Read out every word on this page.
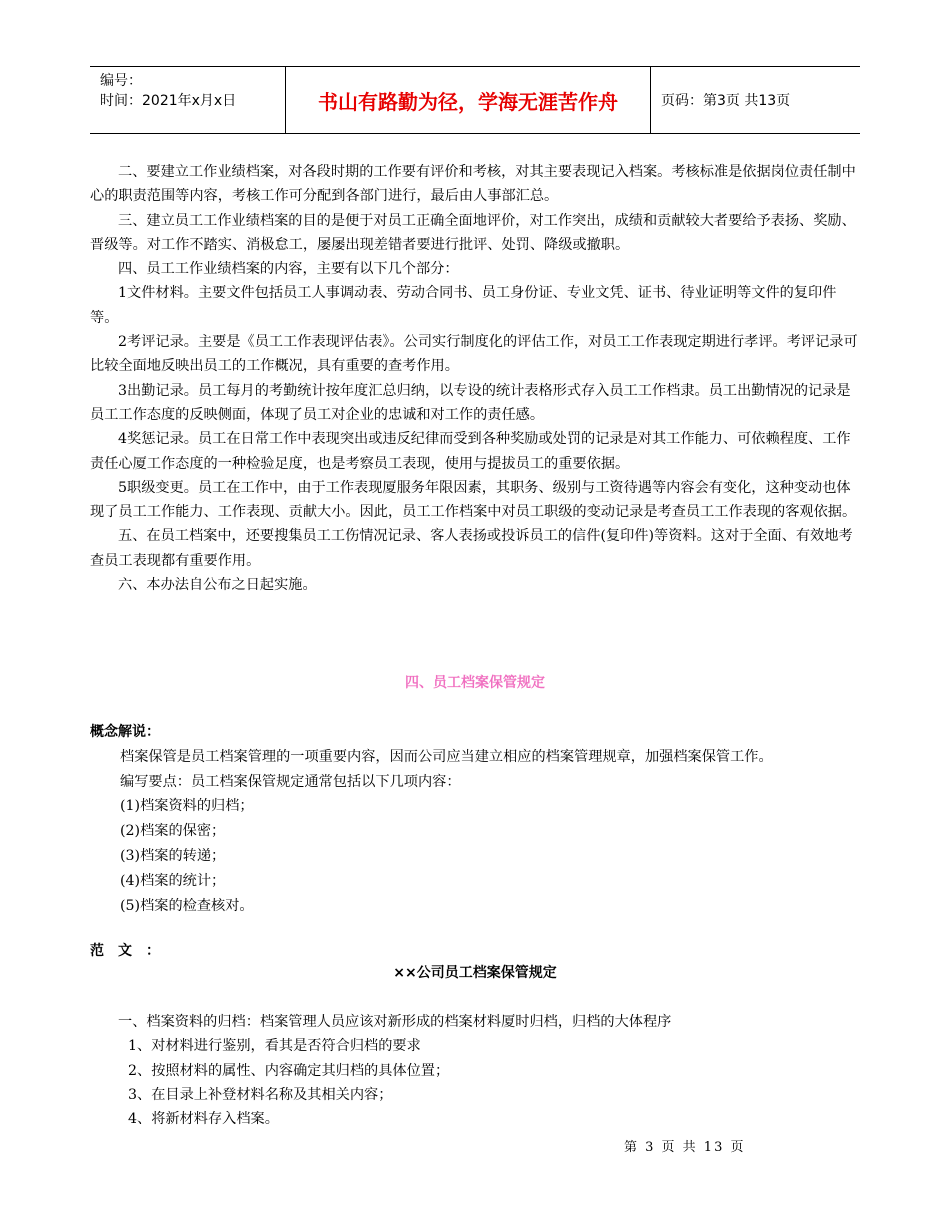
编号：
时间：2021年x月x日	书山有路勤为径，学海无涯苦作舟	页码：第3页 共13页

二、要建立工作业绩档案，对各段时期的工作要有评价和考核，对其主要表现记入档案。考核标准是依据岗位责任制中心的职责范围等内容，考核工作可分配到各部门进行，最后由人事部汇总。

三、建立员工工作业绩档案的目的是便于对员工正确全面地评价，对工作突出，成绩和贡献较大者要给予表扬、奖励、晋级等。对工作不踏实、消极怠工，屡屡出现差错者要进行批评、处罚、降级或撤职。

四、员工工作业绩档案的内容，主要有以下几个部分：

1文件材料。主要文件包括员工人事调动表、劳动合同书、员工身份证、专业文凭、证书、待业证明等文件的复印件等。

2考评记录。主要是《员工工作表现评估表》。公司实行制度化的评估工作，对员工工作表现定期进行孝评。考评记录可比较全面地反映出员工的工作概况，具有重要的查考作用。

3出勤记录。员工每月的考勤统计按年度汇总归纳，以专设的统计表格形式存入员工工作档隶。员工出勤情况的记录是员工工作态度的反映侧面，体现了员工对企业的忠诚和对工作的责任感。

4奖惩记录。员工在日常工作中表现突出或违反纪律而受到各种奖励或处罚的记录是对其工作能力、可依赖程度、工作责任心厦工作态度的一种检验足度，也是考察员工表现，使用与提拔员工的重要依据。

5职级变更。员工在工作中，由于工作表现厦服务年限因素，其职务、级别与工资待遇等内容会有变化，这种变动也体现了员工工作能力、工作表现、贡献大小。因此，员工工作档案中对员工职级的变动记录是考查员工工作表现的客观依据。

五、在员工档案中，还要搜集员工工伤情况记录、客人表扬或投诉员工的信件(复印件)等资料。这对于全面、有效地考查员工表现都有重要作用。

六、本办法自公布之日起实施。

四、员工档案保管规定
概念解说：

档案保管是员工档案管理的一项重要内容，因而公司应当建立相应的档案管理规章，加强档案保管工作。

编写要点：员工档案保管规定通常包括以下几项内容：

(1)档案资料的归档；

(2)档案的保密；

(3)档案的转递；

(4)档案的统计；

(5)档案的检查核对。

范文：
××公司员工档案保管规定

一、档案资料的归档：档案管理人员应该对新形成的档案材料厦时归档，归档的大体程序

1、对材料进行鉴别，看其是否符合归档的要求

2、按照材料的属性、内容确定其归档的具体位置；

3、在目录上补登材料名称及其相关内容；

4、将新材料存入档案。

第 3 页 共 13 页
